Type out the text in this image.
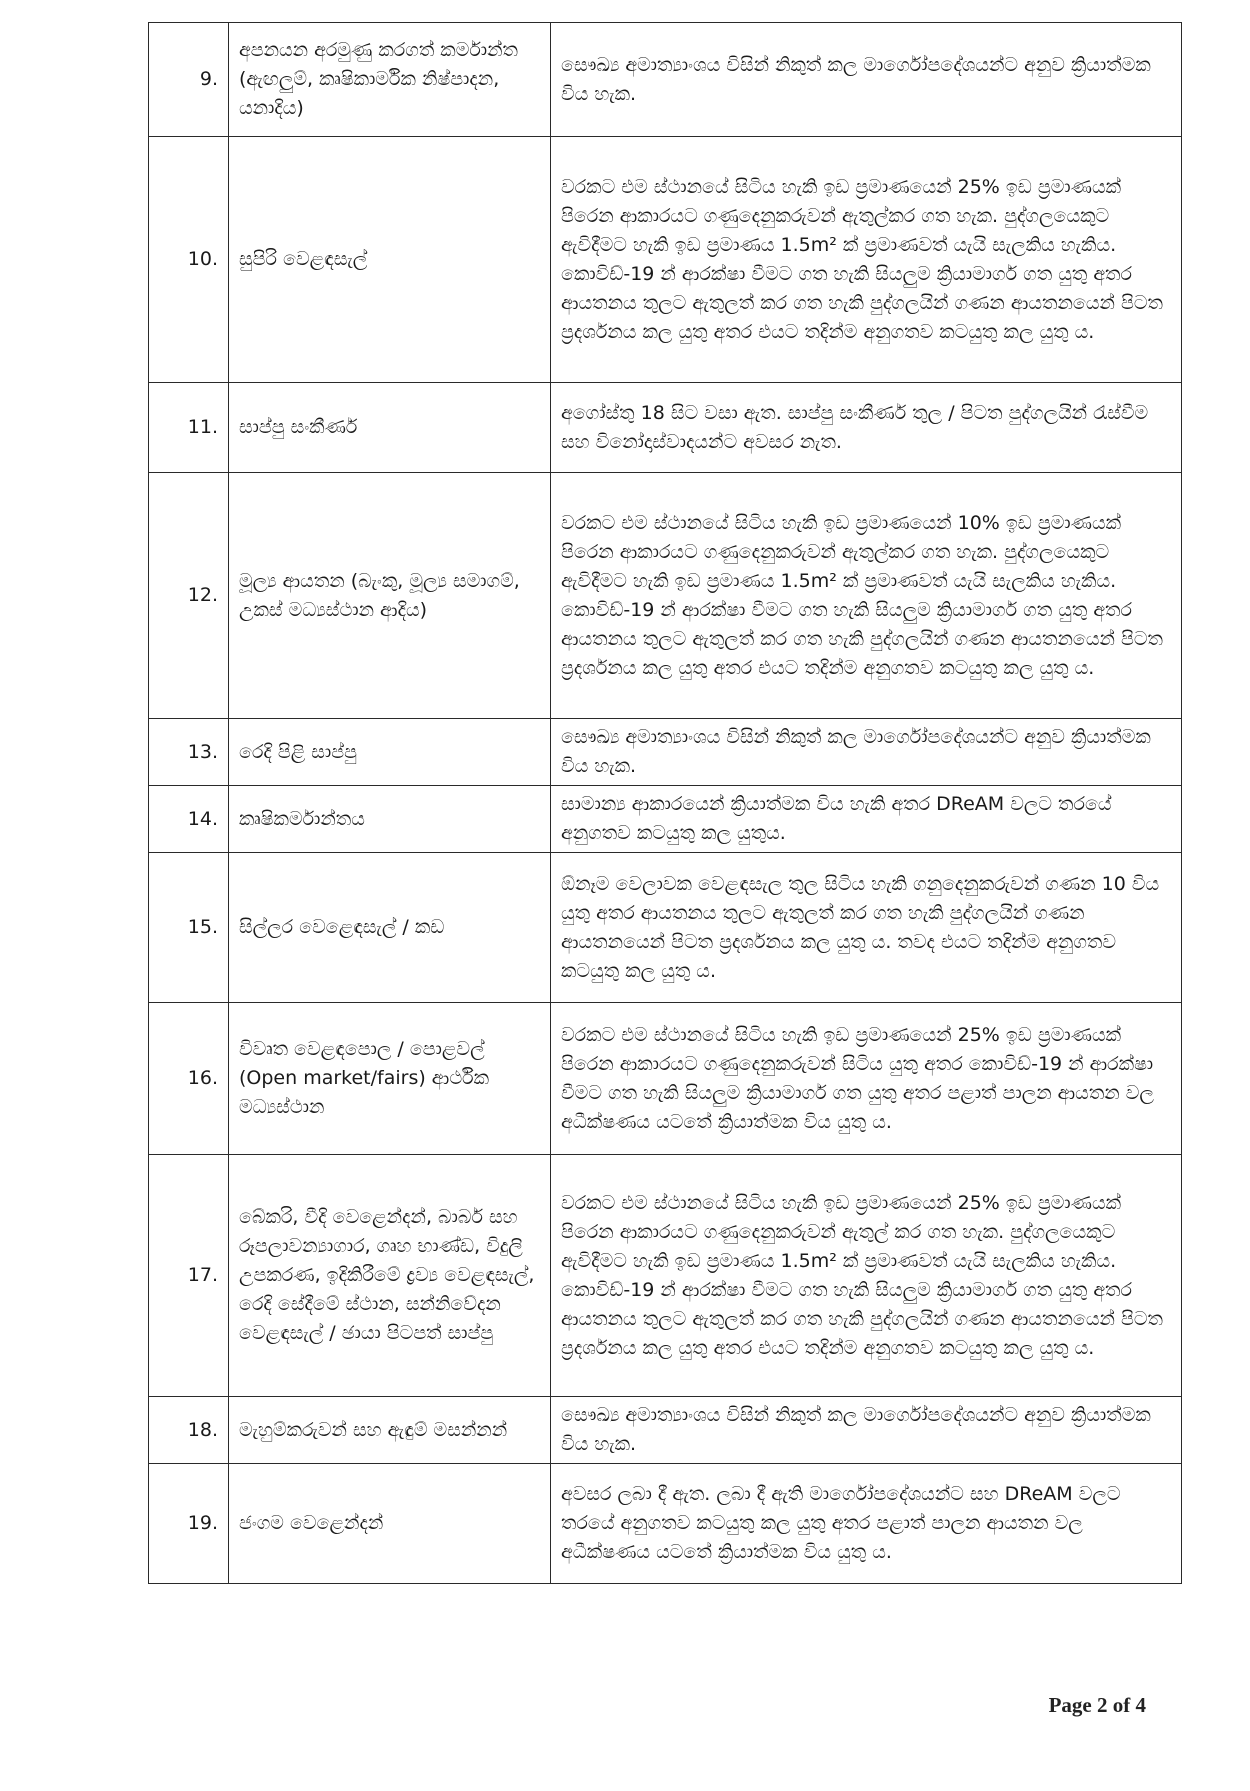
9.	අපනයන අරමුණු කරගත් කර්මාන්ත (ඇඟලුම්, කෘෂිකාර්මික නිෂ්පාදන, යනාදිය)	සෞඛ්‍ය අමාත්‍යාංශය විසින් නිකුත් කල මාර්ගෝපදේශයන්ට අනුව ක්‍රියාත්මක විය හැක.
10.	සුපිරි වෙළඳසැල්	වරකට එම ස්ථානයේ සිටිය හැකි ඉඩ ප්‍රමාණයෙන් 25% ඉඩ ප්‍රමාණයක් පිරෙන ආකාරයට ගණුදෙනුකරුවන් ඇතුල්කර ගත හැක. පුද්ගලයෙකුට ඇවිදීමට හැකි ඉඩ ප්‍රමාණය 1.5m² ක් ප්‍රමාණවත් යැයි සැලකිය හැකිය. කොවිඩ්-19 න් ආරක්ෂා වීමට ගත හැකි සියලුම ක්‍රියාමාර්ග ගත යුතු අතර ආයතනය තුලට ඇතුලත් කර ගත හැකි පුද්ගලයින් ගණන ආයතනයෙන් පිටත ප්‍රදර්ශනය කල යුතු අතර එයට තදින්ම අනුගතව කටයුතු කල යුතු ය.
11.	සාප්පු සංකීර්ණ	අගෝස්තු 18 සිට වසා ඇත. සාප්පු සංකීර්ණ තුල / පිටත පුද්ගලයින් රැස්වීම සහ විනෝදාස්වාදයන්ට අවසර නැත.
12.	මූල්‍ය ආයතන (බැංකු, මූල්‍ය සමාගම්, උකස් මධ්‍යස්ථාන ආදිය)	වරකට එම ස්ථානයේ සිටිය හැකි ඉඩ ප්‍රමාණයෙන් 10% ඉඩ ප්‍රමාණයක් පිරෙන ආකාරයට ගණුදෙනුකරුවන් ඇතුල්කර ගත හැක. පුද්ගලයෙකුට ඇවිදීමට හැකි ඉඩ ප්‍රමාණය 1.5m² ක් ප්‍රමාණවත් යැයි සැලකිය හැකිය. කොවිඩ්-19 න් ආරක්ෂා වීමට ගත හැකි සියලුම ක්‍රියාමාර්ග ගත යුතු අතර ආයතනය තුලට ඇතුලත් කර ගත හැකි පුද්ගලයින් ගණන ආයතනයෙන් පිටත ප්‍රදර්ශනය කල යුතු අතර එයට තදින්ම අනුගතව කටයුතු කල යුතු ය.
13.	රෙදි පිළි සාප්පු	සෞඛ්‍ය අමාත්‍යාංශය විසින් නිකුත් කල මාර්ගෝපදේශයන්ට අනුව ක්‍රියාත්මක විය හැක.
14.	කෘෂිකර්මාන්තය	සාමාන්‍ය ආකාරයෙන් ක්‍රියාත්මක විය හැකි අතර DReAM වලට තරයේ අනුගතව කටයුතු කල යුතුය.
15.	සිල්ලර වෙළෙඳසැල් / කඩ	ඕනෑම වෙලාවක වෙළඳසැල තුල සිටිය හැකි ගනුදෙනුකරුවන් ගණන 10 විය යුතු අතර ආයතනය තුලට ඇතුලත් කර ගත හැකි පුද්ගලයින් ගණන ආයතනයෙන් පිටත ප්‍රදර්ශනය කල යුතු ය. තවද එයට තදින්ම අනුගතව කටයුතු කල යුතු ය.
16.	විවෘත වෙළඳපොල / පොළවල් (Open market/fairs) ආර්ථික මධ්‍යස්ථාන	වරකට එම ස්ථානයේ සිටිය හැකි ඉඩ ප්‍රමාණයෙන් 25% ඉඩ ප්‍රමාණයක් පිරෙන ආකාරයට ගණුදෙනුකරුවන් සිටිය යුතු අතර කොවිඩ්-19 න් ආරක්ෂා වීමට ගත හැකි සියලුම ක්‍රියාමාර්ග ගත යුතු අතර පළාත් පාලන ආයතන වල අධීක්ෂණය යටතේ ක්‍රියාත්මක විය යුතු ය.
17.	බේකරි, වීදි වෙළෙන්දන්, බාබර් සහ රූපලාවන්‍යාගාර, ගෘහ භාණ්ඩ, විදුලි උපකරණ, ඉදිකිරීමේ ද්‍රව්‍ය වෙළඳසැල්, රෙදි සේදීමේ ස්ථාන, සන්නිවේදන වෙළඳසැල් / ඡායා පිටපත් සාප්පු	වරකට එම ස්ථානයේ සිටිය හැකි ඉඩ ප්‍රමාණයෙන් 25% ඉඩ ප්‍රමාණයක් පිරෙන ආකාරයට ගණුදෙනුකරුවන් ඇතුල් කර ගත හැක. පුද්ගලයෙකුට ඇවිදීමට හැකි ඉඩ ප්‍රමාණය 1.5m² ක් ප්‍රමාණවත් යැයි සැලකිය හැකිය. කොවිඩ්-19 න් ආරක්ෂා වීමට ගත හැකි සියලුම ක්‍රියාමාර්ග ගත යුතු අතර ආයතනය තුලට ඇතුලත් කර ගත හැකි පුද්ගලයින් ගණන ආයතනයෙන් පිටත ප්‍රදර්ශනය කල යුතු අතර එයට තදින්ම අනුගතව කටයුතු කල යුතු ය.
18.	මැහුම්කරුවන් සහ ඇඳුම් මසන්නන්	සෞඛ්‍ය අමාත්‍යාංශය විසින් නිකුත් කල මාර්ගෝපදේශයන්ට අනුව ක්‍රියාත්මක විය හැක.
19.	ජංගම වෙළෙන්දන්	අවසර ලබා දී ඇත. ලබා දී ඇති මාර්ගෝපදේශයන්ට සහ DReAM වලට තරයේ අනුගතව කටයුතු කල යුතු අතර පළාත් පාලන ආයතන වල අධීක්ෂණය යටතේ ක්‍රියාත්මක විය යුතු ය.
Page 2 of 4
